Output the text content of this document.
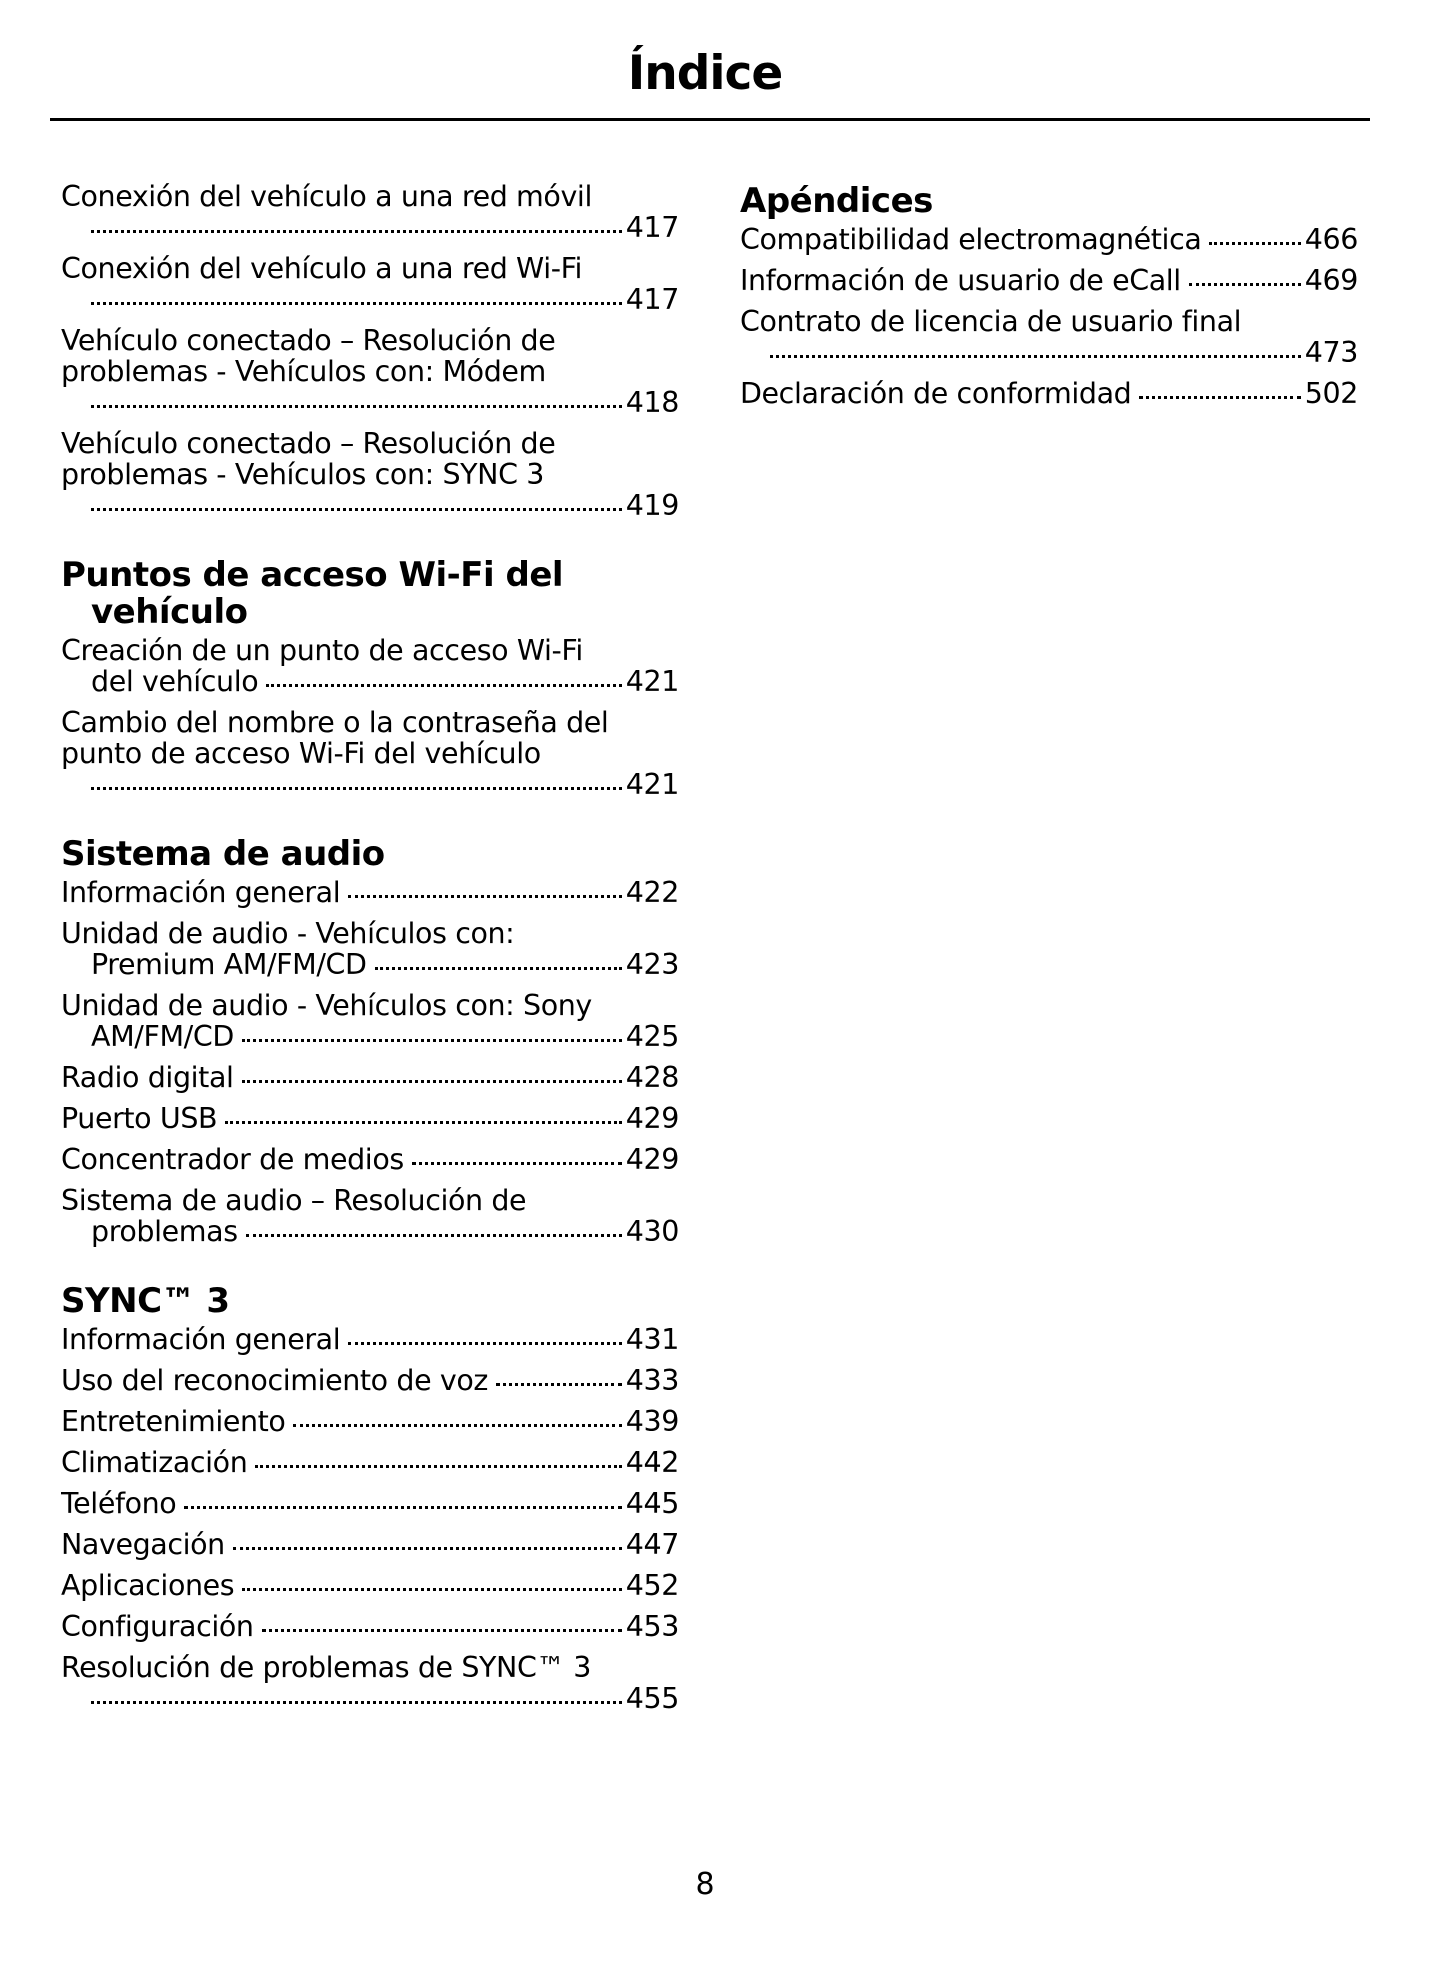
Índice
Conexión del vehículo a una red móvil
417
Conexión del vehículo a una red Wi-Fi
417
Vehículo conectado – Resolución de
problemas - Vehículos con: Módem
418
Vehículo conectado – Resolución de
problemas - Vehículos con: SYNC 3
419
Puntos de acceso Wi-Fi del vehículo
Creación de un punto de acceso Wi-Fi
del vehículo	421
Cambio del nombre o la contraseña del
punto de acceso Wi-Fi del vehículo
421
Sistema de audio
Información general	422
Unidad de audio - Vehículos con:
Premium AM/FM/CD	423
Unidad de audio - Vehículos con: Sony
AM/FM/CD	425
Radio digital	428
Puerto USB	429
Concentrador de medios	429
Sistema de audio – Resolución de
problemas	430
SYNC™ 3
Información general	431
Uso del reconocimiento de voz	433
Entretenimiento	439
Climatización	442
Teléfono	445
Navegación	447
Aplicaciones	452
Configuración	453
Resolución de problemas de SYNC™ 3
455
Apéndices
Compatibilidad electromagnética	466
Información de usuario de eCall	469
Contrato de licencia de usuario final
473
Declaración de conformidad	502
8
